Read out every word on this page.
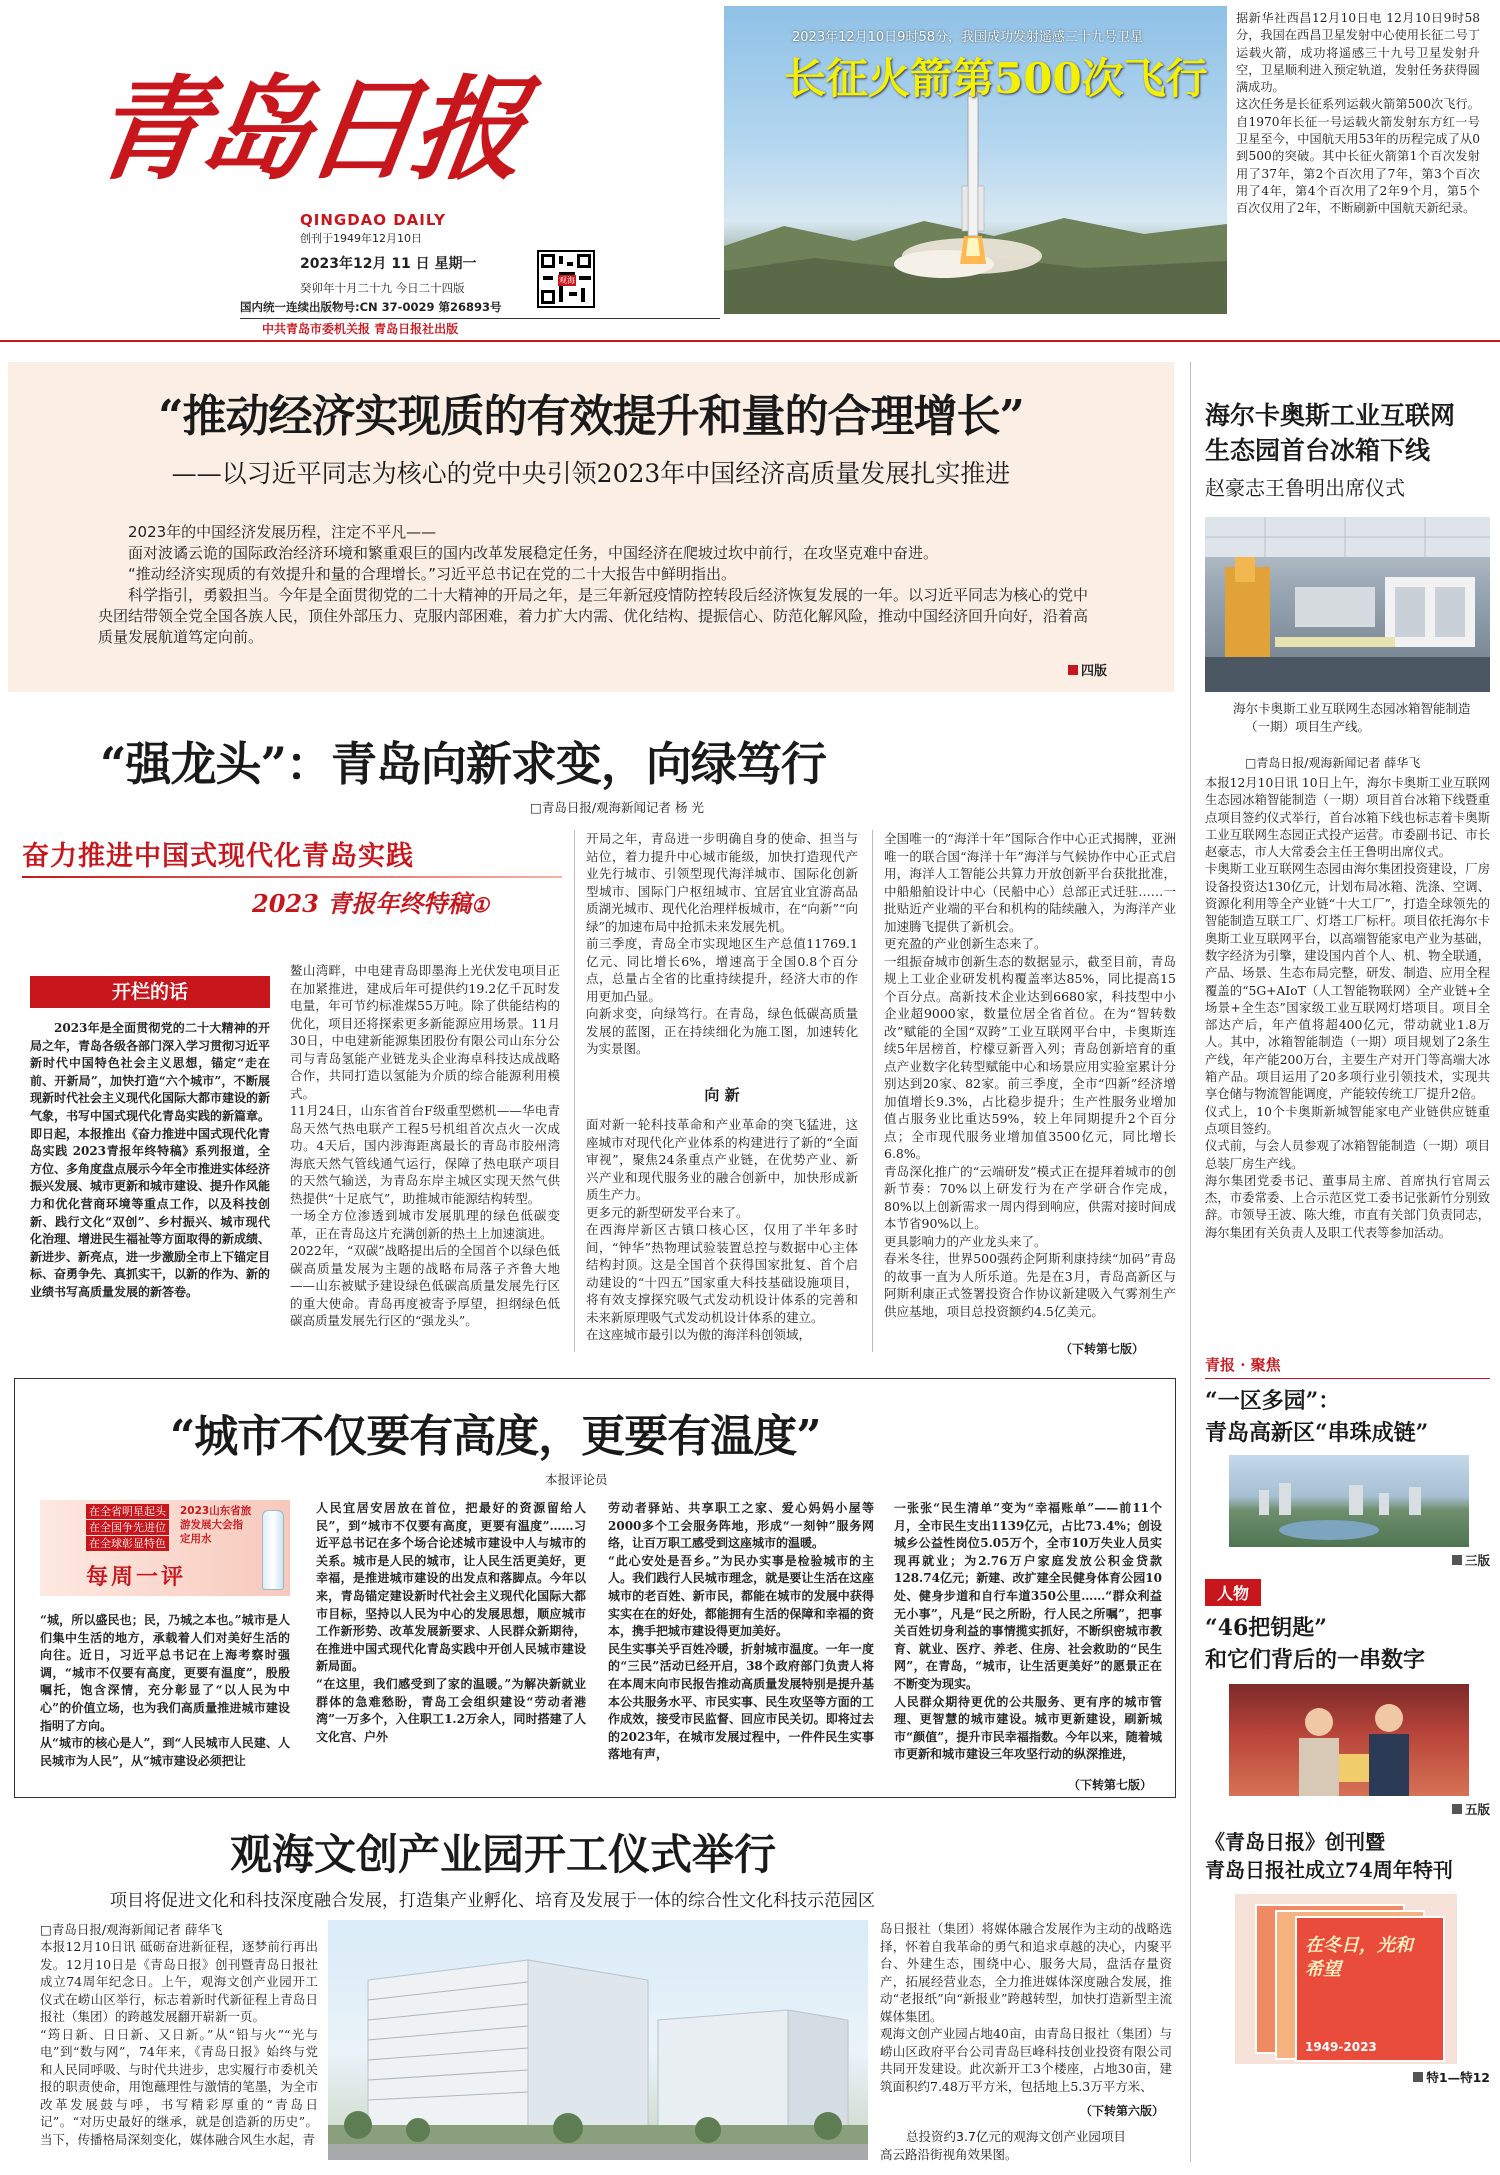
青岛日报
QINGDAO DAILY
创刊于1949年12月10日
2023年12月 11 日 星期一
癸卯年十月二十九 今日二十四版
国内统一连续出版物号:CN 37-0029 第26893号
中共青岛市委机关报 青岛日报社出版
观海
2023年12月10日9时58分，我国成功发射遥感三十九号卫星
长征火箭第500次飞行
据新华社西昌12月10日电 12月10日9时58分，我国在西昌卫星发射中心使用长征二号丁运载火箭，成功将遥感三十九号卫星发射升空，卫星顺利进入预定轨道，发射任务获得圆满成功。
这次任务是长征系列运载火箭第500次飞行。自1970年长征一号运载火箭发射东方红一号卫星至今，中国航天用53年的历程完成了从0到500的突破。其中长征火箭第1个百次发射用了37年，第2个百次用了7年，第3个百次用了4年，第4个百次用了2年9个月，第5个百次仅用了2年，不断刷新中国航天新纪录。
“推动经济实现质的有效提升和量的合理增长”
——以习近平同志为核心的党中央引领2023年中国经济高质量发展扎实推进
2023年的中国经济发展历程，注定不平凡——
面对波谲云诡的国际政治经济环境和繁重艰巨的国内改革发展稳定任务，中国经济在爬坡过坎中前行，在攻坚克难中奋进。
“推动经济实现质的有效提升和量的合理增长。”习近平总书记在党的二十大报告中鲜明指出。
科学指引，勇毅担当。今年是全面贯彻党的二十大精神的开局之年，是三年新冠疫情防控转段后经济恢复发展的一年。以习近平同志为核心的党中央团结带领全党全国各族人民，顶住外部压力、克服内部困难，着力扩大内需、优化结构、提振信心、防范化解风险，推动中国经济回升向好，沿着高质量发展航道笃定向前。
四版
海尔卡奥斯工业互联网
生态园首台冰箱下线
赵豪志王鲁明出席仪式
海尔卡奥斯工业互联网生态园冰箱智能制造（一期）项目生产线。
□青岛日报/观海新闻记者 薛华飞
本报12月10日讯 10日上午，海尔卡奥斯工业互联网生态园冰箱智能制造（一期）项目首台冰箱下线暨重点项目签约仪式举行，首台冰箱下线也标志着卡奥斯工业互联网生态园正式投产运营。市委副书记、市长赵豪志，市人大常委会主任王鲁明出席仪式。
卡奥斯工业互联网生态园由海尔集团投资建设，厂房设备投资达130亿元，计划布局冰箱、洗涤、空调、资源化利用等全产业链“十大工厂”，打造全球领先的智能制造互联工厂、灯塔工厂标杆。项目依托海尔卡奥斯工业互联网平台，以高端智能家电产业为基础，数字经济为引擎，建设国内首个人、机、物全联通，产品、场景、生态布局完整，研发、制造、应用全程覆盖的“5G+AIoT（人工智能物联网）全产业链+全场景+全生态”国家级工业互联网灯塔项目。项目全部达产后，年产值将超400亿元，带动就业1.8万人。其中，冰箱智能制造（一期）项目规划了2条生产线，年产能200万台，主要生产对开门等高端大冰箱产品。项目运用了20多项行业引领技术，实现共享仓储与物流智能调度，产能较传统工厂提升2倍。
仪式上，10个卡奥斯新城智能家电产业链供应链重点项目签约。
仪式前，与会人员参观了冰箱智能制造（一期）项目总装厂房生产线。
海尔集团党委书记、董事局主席、首席执行官周云杰，市委常委、上合示范区党工委书记张新竹分别致辞。市领导王波、陈大维，市直有关部门负责同志，海尔集团有关负责人及职工代表等参加活动。
“强龙头”：青岛向新求变，向绿笃行
□青岛日报/观海新闻记者 杨 光
奋力推进中国式现代化青岛实践
2023 青报年终特稿①
开栏的话
2023年是全面贯彻党的二十大精神的开局之年，青岛各级各部门深入学习贯彻习近平新时代中国特色社会主义思想，锚定“走在前、开新局”，加快打造“六个城市”，不断展现新时代社会主义现代化国际大都市建设的新气象，书写中国式现代化青岛实践的新篇章。即日起，本报推出《奋力推进中国式现代化青岛实践 2023青报年终特稿》系列报道，全方位、多角度盘点展示今年全市推进实体经济振兴发展、城市更新和城市建设、提升作风能力和优化营商环境等重点工作，以及科技创新、践行文化“双创”、乡村振兴、城市现代化治理、增进民生福祉等方面取得的新成绩、新进步、新亮点，进一步激励全市上下锚定目标、奋勇争先、真抓实干，以新的作为、新的业绩书写高质量发展的新答卷。
鳌山湾畔，中电建青岛即墨海上光伏发电项目正在加紧推进，建成后年可提供约19.2亿千瓦时发电量，年可节约标准煤55万吨。除了供能结构的优化，项目还将探索更多新能源应用场景。11月30日，中电建新能源集团股份有限公司山东分公司与青岛氢能产业链龙头企业海卓科技达成战略合作，共同打造以氢能为介质的综合能源利用模式。
11月24日，山东省首台F级重型燃机——华电青岛天然气热电联产工程5号机组首次点火一次成功。4天后，国内涉海距离最长的青岛市胶州湾海底天然气管线通气运行，保障了热电联产项目的天然气输送，为青岛东岸主城区实现天然气供热提供“十足底气”，助推城市能源结构转型。
一场全方位渗透到城市发展肌理的绿色低碳变革，正在青岛这片充满创新的热土上加速演进。
2022年，“双碳”战略提出后的全国首个以绿色低碳高质量发展为主题的战略布局落子齐鲁大地——山东被赋予建设绿色低碳高质量发展先行区的重大使命。青岛再度被寄予厚望，担纲绿色低碳高质量发展先行区的“强龙头”。
开局之年，青岛进一步明确自身的使命、担当与站位，着力提升中心城市能级，加快打造现代产业先行城市、引领型现代海洋城市、国际化创新型城市、国际门户枢纽城市、宜居宜业宜游高品质湖光城市、现代化治理样板城市，在“向新”“向绿”的加速布局中抢抓未来发展先机。
前三季度，青岛全市实现地区生产总值11769.1亿元、同比增长6%，增速高于全国0.8个百分点，总量占全省的比重持续提升，经济大市的作用更加凸显。
向新求变，向绿笃行。在青岛，绿色低碳高质量发展的蓝图，正在持续细化为施工图，加速转化为实景图。
向 新
面对新一轮科技革命和产业革命的突飞猛进，这座城市对现代化产业体系的构建进行了新的“全面审视”，聚焦24条重点产业链，在优势产业、新兴产业和现代服务业的融合创新中，加快形成新质生产力。
更多元的新型研发平台来了。
在西海岸新区古镇口核心区，仅用了半年多时间，“钟华”热物理试验装置总控与数据中心主体结构封顶。这是全国首个获得国家批复、首个启动建设的“十四五”国家重大科技基础设施项目，将有效支撑探究吸气式发动机设计体系的完善和未来新原理吸气式发动机设计体系的建立。
在这座城市最引以为傲的海洋科创领域，
全国唯一的“海洋十年”国际合作中心正式揭牌，亚洲唯一的联合国“海洋十年”海洋与气候协作中心正式启用，海洋人工智能公共算力开放创新平台获批批准，中船船舶设计中心（民船中心）总部正式迁驻……一批贴近产业端的平台和机构的陆续融入，为海洋产业加速腾飞提供了新机会。
更充盈的产业创新生态来了。
一组振奋城市创新生态的数据显示，截至目前，青岛规上工业企业研发机构覆盖率达85%，同比提高15个百分点。高新技术企业达到6680家，科技型中小企业超9000家，数量位居全省首位。在为“智转数改”赋能的全国“双跨”工业互联网平台中，卡奥斯连续5年居榜首，柠檬豆新晋入列；青岛创新培育的重点产业数字化转型赋能中心和场景应用实验室累计分别达到20家、82家。前三季度，全市“四新”经济增加值增长9.3%，占比稳步提升；生产性服务业增加值占服务业比重达59%，较上年同期提升2个百分点；全市现代服务业增加值3500亿元，同比增长6.8%。
青岛深化推广的“云端研发”模式正在提拜着城市的创新节奏：70%以上研发行为在产学研合作完成，80%以上创新需求一周内得到响应，供需对接时间成本节省90%以上。
更具影响力的产业龙头来了。
春米冬往，世界500强药企阿斯利康持续“加码”青岛的故事一直为人所乐道。先是在3月，青岛高新区与阿斯利康正式签署投资合作协议新建吸入气雾剂生产供应基地，项目总投资额约4.5亿美元。
（下转第七版）
青报 · 聚焦
“一区多园”：
青岛高新区“串珠成链”
三版
人物
“46把钥匙”
和它们背后的一串数字
五版
《青岛日报》创刊暨
青岛日报社成立74周年特刊
在冬日，光和希望
1949-2023
特1—特12
“城市不仅要有高度，更要有温度”
本报评论员
在全省明星起头
在全国争先进位
在全球彰显特色
每周一评
2023山东省旅游发展大会指定用水
“城，所以盛民也；民，乃城之本也。”城市是人们集中生活的地方，承载着人们对美好生活的向往。近日，习近平总书记在上海考察时强调，“城市不仅要有高度，更要有温度”，殷殷嘱托，饱含深情，充分彰显了“以人民为中心”的价值立场，也为我们高质量推进城市建设指明了方向。
从“城市的核心是人”，到“人民城市人民建、人民城市为人民”，从“城市建设必须把让
人民宜居安居放在首位，把最好的资源留给人民”，到“城市不仅要有高度，更要有温度”……习近平总书记在多个场合论述城市建设中人与城市的关系。城市是人民的城市，让人民生活更美好，更幸福，是推进城市建设的出发点和落脚点。今年以来，青岛锚定建设新时代社会主义现代化国际大都市目标，坚持以人民为中心的发展思想，顺应城市工作新形势、改革发展新要求、人民群众新期待，在推进中国式现代化青岛实践中开创人民城市建设新局面。
“在这里，我们感受到了家的温暖。”为解决新就业群体的急难愁盼，青岛工会组织建设“劳动者港湾”一万多个，入住职工1.2万余人，同时搭建了人文化宫、户外
劳动者驿站、共享职工之家、爱心妈妈小屋等2000多个工会服务阵地，形成“一刻钟”服务网络，让百万职工感受到这座城市的温暖。
“此心安处是吾乡。”为民办实事是检验城市的主人。我们践行人民城市理念，就是要让生活在这座城市的老百姓、新市民，都能在城市的发展中获得实实在在的好处，都能拥有生活的保障和幸福的资本，携手把城市建设得更加美好。
民生实事关乎百姓冷暖，折射城市温度。一年一度的“三民”活动已经开启，38个政府部门负责人将在本周末向市民报告推动高质量发展特别是提升基本公共服务水平、市民实事、民生攻坚等方面的工作成效，接受市民监督、回应市民关切。即将过去的2023年，在城市发展过程中，一件件民生实事落地有声，
一张张“民生清单”变为“幸福账单”——前11个月，全市民生支出1139亿元，占比73.4%；创设城乡公益性岗位5.05万个，全市10万失业人员实现再就业；为2.76万户家庭发放公积金贷款128.74亿元；新建、改扩建全民健身体育公园10处、健身步道和自行车道350公里……“群众利益无小事”，凡是“民之所盼，行人民之所嘱”，把事关百姓切身利益的事情揽实抓好，不断织密城市教育、就业、医疗、养老、住房、社会救助的“民生网”，在青岛，“城市，让生活更美好”的愿景正在不断变为现实。
人民群众期待更优的公共服务、更有序的城市管理、更智慧的城市建设。城市更新建设，刷新城市“颜值”，提升市民幸福指数。今年以来，随着城市更新和城市建设三年攻坚行动的纵深推进，
（下转第七版）
观海文创产业园开工仪式举行
项目将促进文化和科技深度融合发展，打造集产业孵化、培育及发展于一体的综合性文化科技示范园区
□青岛日报/观海新闻记者 薛华飞
本报12月10日讯 砥砺奋进新征程，逐梦前行再出发。12月10日是《青岛日报》创刊暨青岛日报社成立74周年纪念日。上午，观海文创产业园开工仪式在崂山区举行，标志着新时代新征程上青岛日报社（集团）的跨越发展翻开崭新一页。
“筠日新、日日新、又日新。”从“铅与火”“光与电”到“数与网”，74年来，《青岛日报》始终与党和人民同呼吸、与时代共进步，忠实履行市委机关报的职责使命，用饱蘸理性与激情的笔墨，为全市改革发展鼓与呼，书写精彩厚重的“青岛日记”。“对历史最好的继承，就是创造新的历史”。当下，传播格局深刻变化，媒体融合风生水起，青
岛日报社（集团）将媒体融合发展作为主动的战略选择，怀着自我革命的勇气和追求卓越的决心，内聚平台、外建生态，围绕中心、服务大局，盘活存量资产，拓展经营业态，全力推进媒体深度融合发展，推动“老报纸”向“新报业”跨越转型，加快打造新型主流媒体集团。
观海文创产业园占地40亩，由青岛日报社（集团）与崂山区政府平台公司青岛巨峰科技创业投资有限公司共同开发建设。此次新开工3个楼座，占地30亩，建筑面积约7.48万平方米，包括地上5.3万平方米、
（下转第六版）
总投资约3.7亿元的观海文创产业园项目
高云路沿街视角效果图。
